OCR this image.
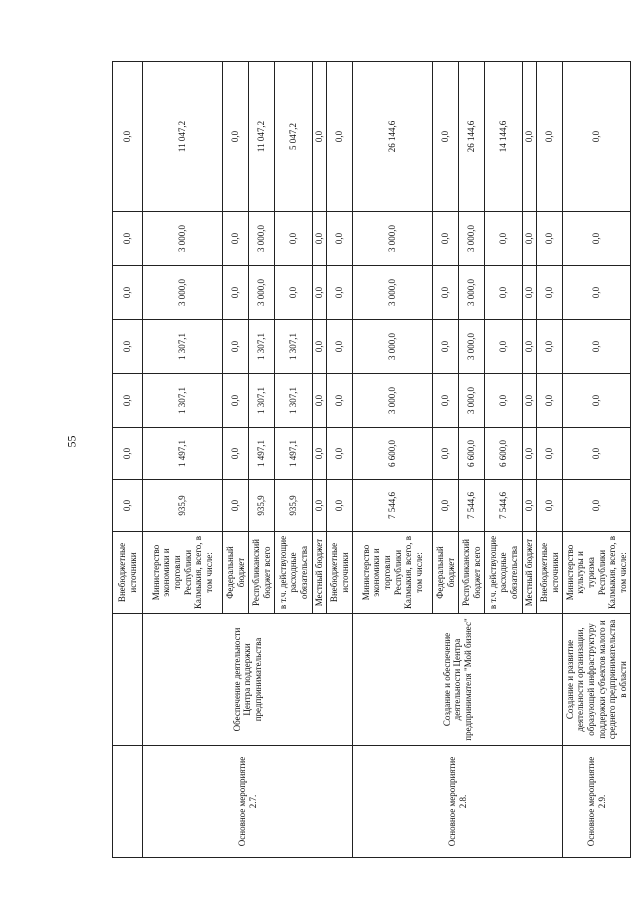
55
		Внебюджетные источники	0,0	0,0	0,0	0,0	0,0	0,0	0,0
Основное мероприятие 2.7.	Обеспечение деятельности Центра поддержки предпринимательства	Министерство экономики и торговли Республики Калмыкия, всего, в том числе:	935,9	1 497,1	1 307,1	1 307,1	3 000,0	3 000,0	11 047,2
		Федеральный бюджет	0,0	0,0	0,0	0,0	0,0	0,0	0,0
		Республиканский бюджет всего	935,9	1 497,1	1 307,1	1 307,1	3 000,0	3 000,0	11 047,2
		в т.ч. действующие расходные обязательства	935,9	1 497,1	1 307,1	1 307,1	0,0	0,0	5 047,2
		Местный бюджет	0,0	0,0	0,0	0,0	0,0	0,0	0,0
		Внебюджетные источники	0,0	0,0	0,0	0,0	0,0	0,0	0,0
Основное мероприятие 2.8.	Создание и обеспечение деятельности Центра предпринимателя "Мой бизнес"	Министерство экономики и торговли Республики Калмыкия, всего, в том числе:	7 544,6	6 600,0	3 000,0	3 000,0	3 000,0	3 000,0	26 144,6
		Федеральный бюджет	0,0	0,0	0,0	0,0	0,0	0,0	0,0
		Республиканский бюджет всего	7 544,6	6 600,0	3 000,0	3 000,0	3 000,0	3 000,0	26 144,6
		в т.ч. действующие расходные обязательства	7 544,6	6 600,0	0,0	0,0	0,0	0,0	14 144,6
		Местный бюджет	0,0	0,0	0,0	0,0	0,0	0,0	0,0
		Внебюджетные источники	0,0	0,0	0,0	0,0	0,0	0,0	0,0
Основное мероприятие 2.9.	Создание и развитие деятельности организации, образующей инфраструктуру поддержки субъектов малого и среднего предпринимательства в области	Министерство культуры и туризма Республики Калмыкия, всего, в том числе:	0,0	0,0	0,0	0,0	0,0	0,0	0,0
